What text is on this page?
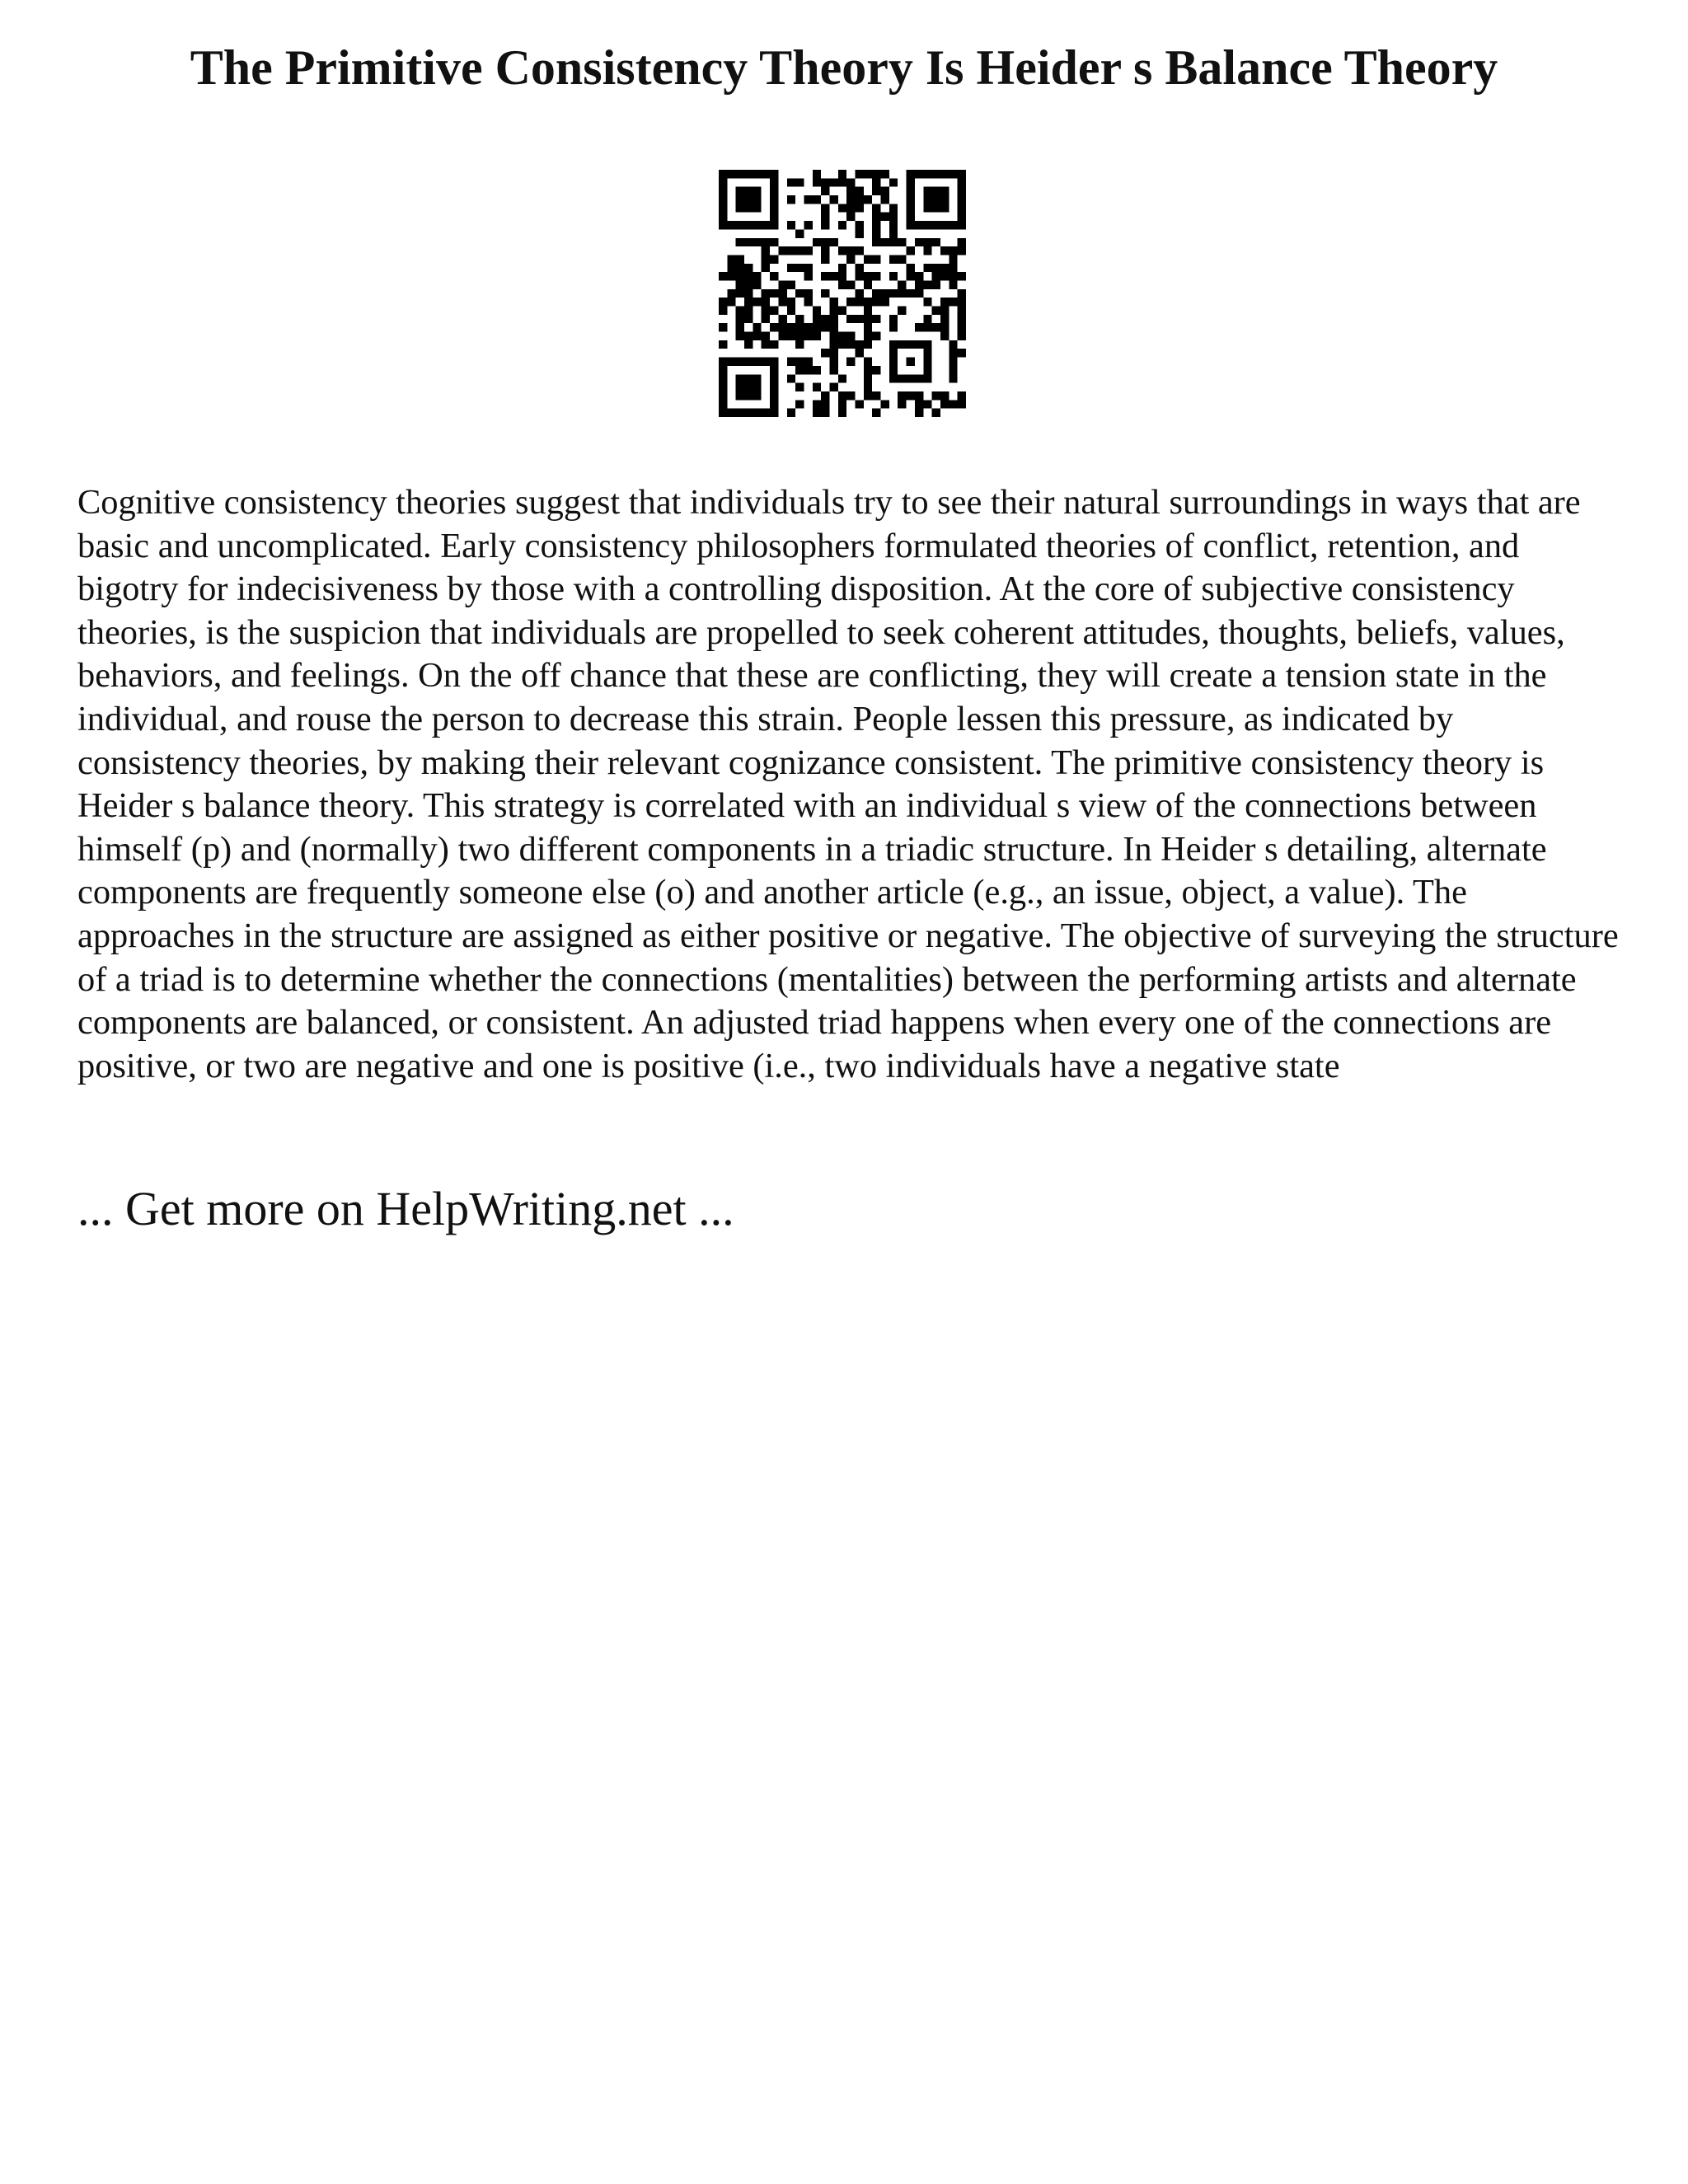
The Primitive Consistency Theory Is Heider s Balance Theory

Cognitive consistency theories suggest that individuals try to see their natural surroundings in ways that are basic and uncomplicated. Early consistency philosophers formulated theories of conflict, retention, and bigotry for indecisiveness by those with a controlling disposition. At the core of subjective consistency theories, is the suspicion that individuals are propelled to seek coherent attitudes, thoughts, beliefs, values, behaviors, and feelings. On the off chance that these are conflicting, they will create a tension state in the individual, and rouse the person to decrease this strain. People lessen this pressure, as indicated by consistency theories, by making their relevant cognizance consistent. The primitive consistency theory is Heider s balance theory. This strategy is correlated with an individual s view of the connections between himself (p) and (normally) two different components in a triadic structure. In Heider s detailing, alternate components are frequently someone else (o) and another article (e.g., an issue, object, a value). The approaches in the structure are assigned as either positive or negative. The objective of surveying the structure of a triad is to determine whether the connections (mentalities) between the performing artists and alternate components are balanced, or consistent. An adjusted triad happens when every one of the connections are positive, or two are negative and one is positive (i.e., two individuals have a negative state

... Get more on HelpWriting.net ...
